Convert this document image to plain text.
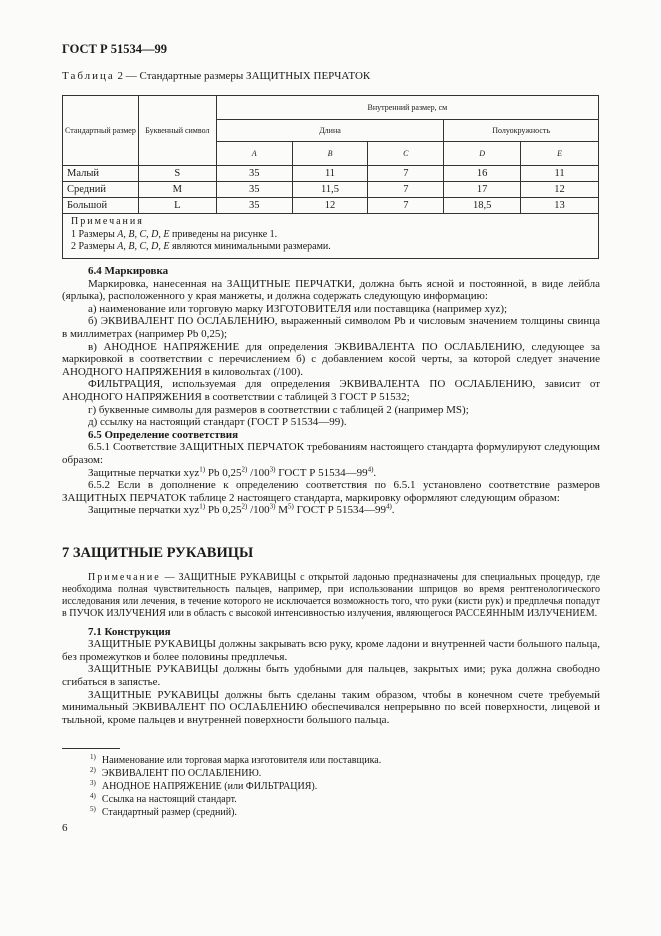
ГОСТ Р 51534—99
Таблица 2 — Стандартные размеры ЗАЩИТНЫХ ПЕРЧАТОК
Стандартный размер	Буквенный символ	Внутренний размер, см				
		Длина			Полуокружность	
		A	B	C	D	E
Малый	S	35	11	7	16	11
Средний	M	35	11,5	7	17	12
Большой	L	35	12	7	18,5	13

Примечания
1 Размеры A, B, C, D, E приведены на рисунке 1.
2 Размеры A, B, C, D, E являются минимальными размерами.						

6.4 Маркировка

Маркировка, нанесенная на ЗАЩИТНЫЕ ПЕРЧАТКИ, должна быть ясной и постоянной, в виде лейбла (ярлыка), расположенного у края манжеты, и должна содержать следующую информацию:

а) наименование или торговую марку ИЗГОТОВИТЕЛЯ или поставщика (например xyz);

б) ЭКВИВАЛЕНТ ПО ОСЛАБЛЕНИЮ, выраженный символом Pb и числовым значением толщины свинца в миллиметрах (например Pb 0,25);

в) АНОДНОЕ НАПРЯЖЕНИЕ для определения ЭКВИВАЛЕНТА ПО ОСЛАБЛЕНИЮ, следующее за маркировкой в соответствии с перечислением б) с добавлением косой черты, за которой следует значение АНОДНОГО НАПРЯЖЕНИЯ в киловольтах (/100).

ФИЛЬТРАЦИЯ, используемая для определения ЭКВИВАЛЕНТА ПО ОСЛАБЛЕНИЮ, зависит от АНОДНОГО НАПРЯЖЕНИЯ в соответствии с таблицей 3 ГОСТ Р 51532;

г) буквенные символы для размеров в соответствии с таблицей 2 (например MS);

д) ссылку на настоящий стандарт (ГОСТ Р 51534—99).

6.5 Определение соответствия

6.5.1 Соответствие ЗАЩИТНЫХ ПЕРЧАТОК требованиям настоящего стандарта формулируют следующим образом:

Защитные перчатки xyz$^{1)}$ Pb 0,25$^{2)}$ /100$^{3)}$ ГОСТ Р 51534—99$^{4)}$.

6.5.2 Если в дополнение к определению соответствия по 6.5.1 установлено соответствие размеров ЗАЩИТНЫХ ПЕРЧАТОК таблице 2 настоящего стандарта, маркировку оформляют следующим образом:

Защитные перчатки xyz$^{1)}$ Pb 0,25$^{2)}$ /100$^{3)}$ $M^{5)}$ ГОСТ Р 51534—99$^{4)}$.

7 ЗАЩИТНЫЕ РУКАВИЦЫ

Примечание — ЗАЩИТНЫЕ РУКАВИЦЫ с открытой ладонью предназначены для специальных процедур, где необходима полная чувствительность пальцев, например, при использовании шприцов во время рентгенологического исследования или лечения, в течение которого не исключается возможность того, что руки (кисти рук) и предплечья попадут в ПУЧОК ИЗЛУЧЕНИЯ или в область с высокой интенсивностью излучения, являющегося РАССЕЯННЫМ ИЗЛУЧЕНИЕМ.

7.1 Конструкция

ЗАЩИТНЫЕ РУКАВИЦЫ должны закрывать всю руку, кроме ладони и внутренней части большого пальца, без промежутков и более половины предплечья.

ЗАЩИТНЫЕ РУКАВИЦЫ должны быть удобными для пальцев, закрытых ими; рука должна свободно сгибаться в запястье.

ЗАЩИТНЫЕ РУКАВИЦЫ должны быть сделаны таким образом, чтобы в конечном счете требуемый минимальный ЭКВИВАЛЕНТ ПО ОСЛАБЛЕНИЮ обеспечивался непрерывно по всей поверхности, лицевой и тыльной, кроме пальцев и внутренней поверхности большого пальца.

$^{1)}$ Наименование или торговая марка изготовителя или поставщика.
$^{2)}$ ЭКВИВАЛЕНТ ПО ОСЛАБЛЕНИЮ.
$^{3)}$ АНОДНОЕ НАПРЯЖЕНИЕ (или ФИЛЬТРАЦИЯ).
$^{4)}$ Ссылка на настоящий стандарт.
$^{5)}$ Стандартный размер (средний).
6
